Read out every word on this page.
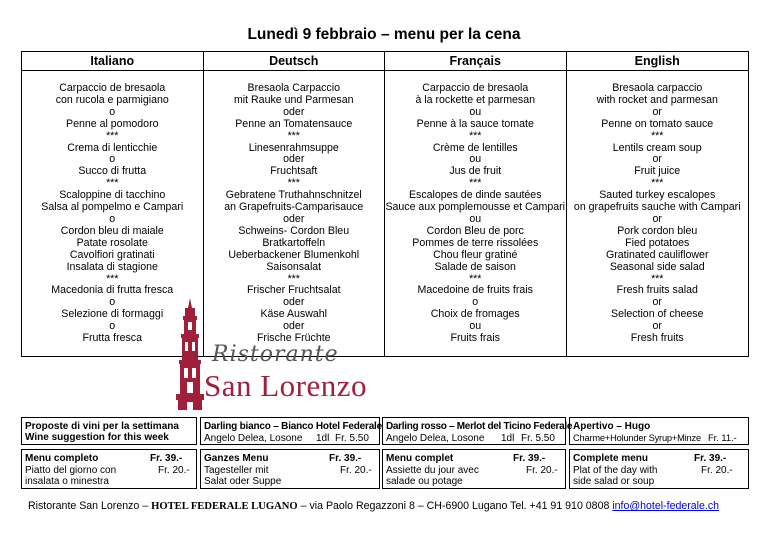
Lunedì 9 febbraio – menu per la cena
Italiano
Carpaccio de bresaola
con rucola e parmigiano
o
Penne al pomodoro
***
Crema di lenticchie
o
Succo di frutta
***
Scaloppine di tacchino
Salsa al pompelmo e Campari
o
Cordon bleu di maiale
Patate rosolate
Cavolfiori gratinati
Insalata di stagione
***
Macedonia di frutta fresca
o
Selezione di formaggi
o
Frutta fresca
Deutsch
Bresaola Carpaccio
mit Rauke und Parmesan
oder
Penne an Tomatensauce
***
Linesenrahmsuppe
oder
Fruchtsaft
***
Gebratene Truthahnschnitzel
an Grapefruits-Camparisauce
oder
Schweins- Cordon Bleu
Bratkartoffeln
Ueberbackener Blumenkohl
Saisonsalat
***
Frischer Fruchtsalat
oder
Käse Auswahl
oder
Frische Früchte
Français
Carpaccio de bresaola
à la rockette et parmesan
ou
Penne à la sauce tomate
***
Crème de lentilles
ou
Jus de fruit
***
Escalopes de dinde sautées
Sauce aux pomplemousse et Campari
ou
Cordon Bleu de porc
Pommes de terre rissolées
Chou fleur gratiné
Salade de saison
***
Macedoine de fruits frais
o
Choix de fromages
ou
Fruits frais
English
Bresaola carpaccio
with rocket and parmesan
or
Penne on tomato sauce
***
Lentils cream soup
or
Fruit juice
***
Sauted turkey escalopes
on grapefruits sauche with Campari
or
Pork cordon bleu
Fied potatoes
Gratinated cauliflower
Seasonal side salad
***
Fresh fruits salad
or
Selection of cheese
or
Fresh fruits
Ristorante
San Lorenzo
Proposte di vini per la settimana
Wine suggestion for this week
Darling bianco – Bianco Hotel Federale
Angelo Delea, Losone 1dl Fr. 5.50
Darling rosso – Merlot del Ticino Federale
Angelo Delea, Losone 1dl Fr. 5.50
Apertivo – Hugo
Charme+Holunder Syrup+Minze Fr. 11.-
Menu completo	Fr. 39.-
Piatto del giorno con
insalata o minestra
Fr. 20.-
Ganzes Menu	Fr. 39.-
Tagesteller mit
Salat oder Suppe
Fr. 20.-
Menu complet	Fr. 39.-
Assiette du jour avec
salade ou potage
Fr. 20.-
Complete menu	Fr. 39.-
Plat of the day with
side salad or soup
Fr. 20.-
Ristorante San Lorenzo – HOTEL FEDERALE LUGANO – via Paolo Regazzoni 8 – CH-6900 Lugano Tel. +41 91 910 0808 info@hotel-federale.ch
